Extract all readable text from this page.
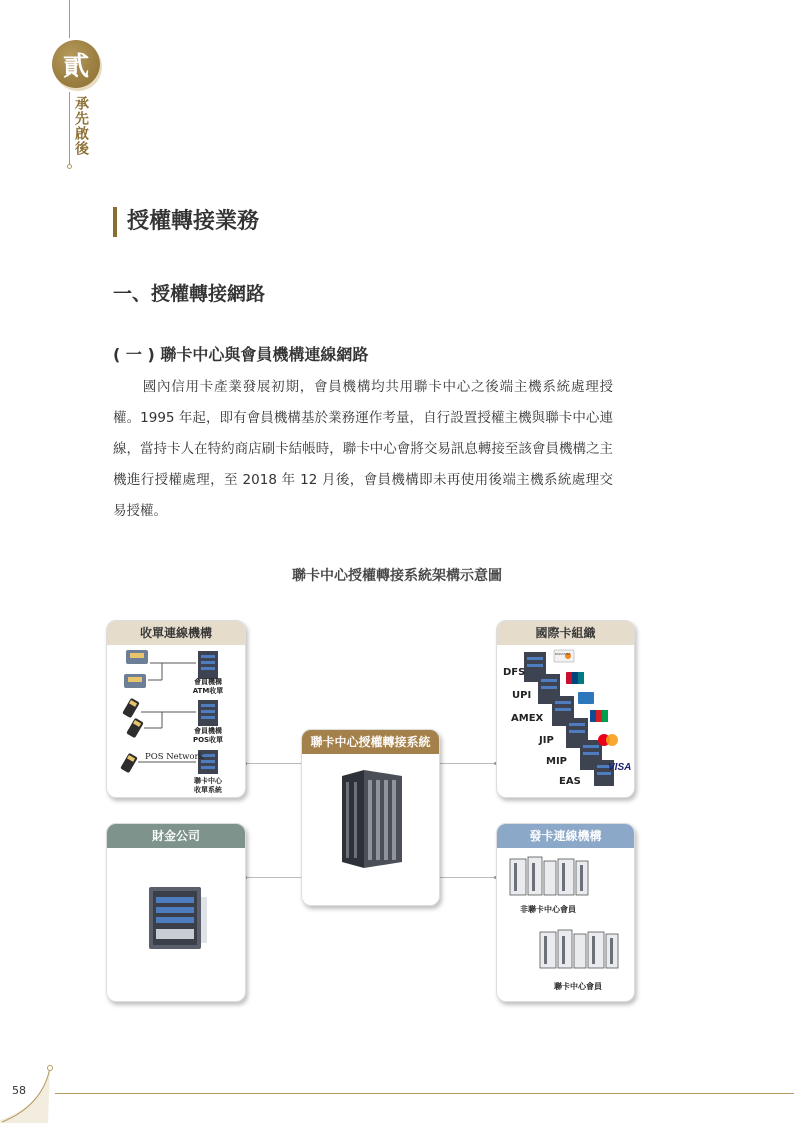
貳
承先啟後
授權轉接業務
一、授權轉接網路
( 一 ) 聯卡中心與會員機構連線網路

國內信用卡產業發展初期，會員機構均共用聯卡中心之後端主機系統處理授權。1995 年起，即有會員機構基於業務運作考量，自行設置授權主機與聯卡中心連線，當持卡人在特約商店刷卡結帳時，聯卡中心會將交易訊息轉接至該會員機構之主機進行授權處理，至 2018 年 12 月後，會員機構即未再使用後端主機系統處理交易授權。

聯卡中心授權轉接系統架構示意圖
收單連線機構
會員機構
ATM收單
會員機構
POS收單
POS Network
聯卡中心
收單系統
財金公司
聯卡中心授權轉接系統
國際卡組織
DFS
UPI
AMEX
JIP
MIP
EAS
VISA
DISCOVER
發卡連線機構
非聯卡中心會員
聯卡中心會員
58
